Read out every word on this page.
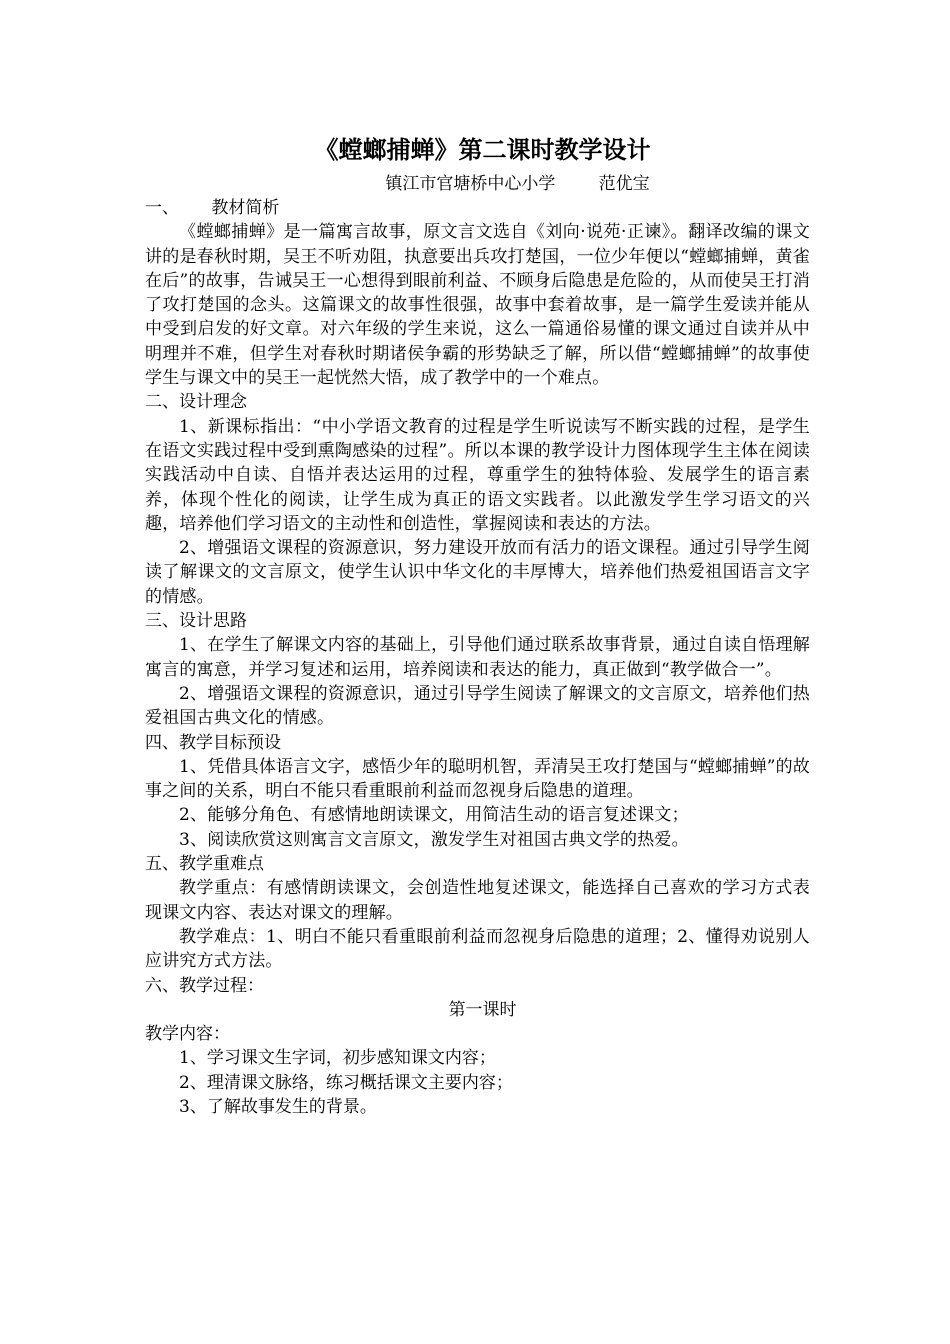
《螳螂捕蝉》第二课时教学设计

镇江市官塘桥中心小学        范优宝

一、      教材简析

《螳螂捕蝉》是一篇寓言故事，原文言文选自《刘向·说苑·正谏》。翻译改编的课文讲的是春秋时期，吴王不听劝阻，执意要出兵攻打楚国，一位少年便以“螳螂捕蝉，黄雀在后”的故事，告诫吴王一心想得到眼前利益、不顾身后隐患是危险的，从而使吴王打消了攻打楚国的念头。这篇课文的故事性很强，故事中套着故事，是一篇学生爱读并能从中受到启发的好文章。对六年级的学生来说，这么一篇通俗易懂的课文通过自读并从中明理并不难，但学生对春秋时期诸侯争霸的形势缺乏了解，所以借“螳螂捕蝉”的故事使学生与课文中的吴王一起恍然大悟，成了教学中的一个难点。

二、设计理念

1、新课标指出：“中小学语文教育的过程是学生听说读写不断实践的过程，是学生在语文实践过程中受到熏陶感染的过程”。所以本课的教学设计力图体现学生主体在阅读实践活动中自读、自悟并表达运用的过程，尊重学生的独特体验、发展学生的语言素养，体现个性化的阅读，让学生成为真正的语文实践者。以此激发学生学习语文的兴趣，培养他们学习语文的主动性和创造性，掌握阅读和表达的方法。

2、增强语文课程的资源意识，努力建设开放而有活力的语文课程。通过引导学生阅读了解课文的文言原文，使学生认识中华文化的丰厚博大，培养他们热爱祖国语言文字的情感。

三、设计思路

1、在学生了解课文内容的基础上，引导他们通过联系故事背景，通过自读自悟理解寓言的寓意，并学习复述和运用，培养阅读和表达的能力，真正做到“教学做合一”。

2、增强语文课程的资源意识，通过引导学生阅读了解课文的文言原文，培养他们热爱祖国古典文化的情感。

四、教学目标预设

1、凭借具体语言文字，感悟少年的聪明机智，弄清吴王攻打楚国与“螳螂捕蝉”的故事之间的关系，明白不能只看重眼前利益而忽视身后隐患的道理。

2、能够分角色、有感情地朗读课文，用简洁生动的语言复述课文；

3、阅读欣赏这则寓言文言原文，激发学生对祖国古典文学的热爱。

五、教学重难点

教学重点：有感情朗读课文，会创造性地复述课文，能选择自己喜欢的学习方式表现课文内容、表达对课文的理解。

教学难点：1、明白不能只看重眼前利益而忽视身后隐患的道理；2、懂得劝说别人应讲究方式方法。

六、教学过程：

第一课时

教学内容：

1、学习课文生字词，初步感知课文内容；

2、理清课文脉络，练习概括课文主要内容；

3、了解故事发生的背景。
